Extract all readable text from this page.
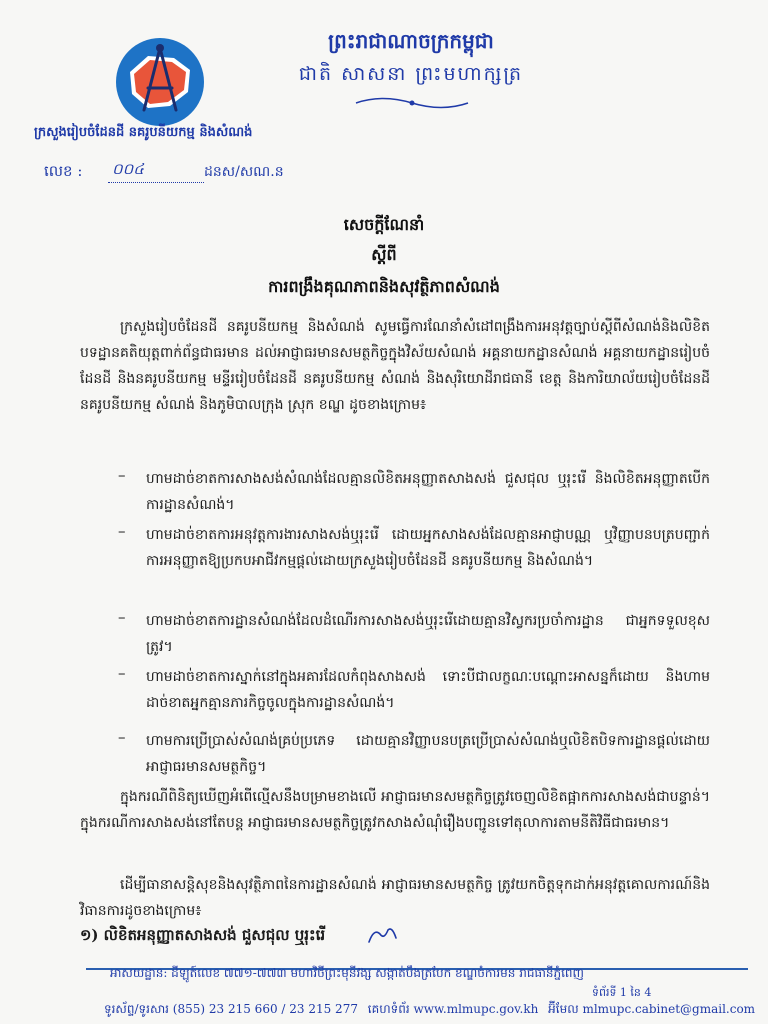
ព្រះរាជាណាចក្រកម្ពុជា
ជាតិ សាសនា ព្រះមហាក្សត្រ
ក្រសួងរៀបចំដែនដី នគរូបនីយកម្ម និងសំណង់
លេខ : ០០៤	ដនស/សណ.ន
សេចក្តីណែនាំ
ស្តីពី
ការពង្រឹងគុណភាពនិងសុវត្ថិភាពសំណង់
ក្រសួងរៀបចំដែនដី នគរូបនីយកម្ម និងសំណង់ សូមធ្វើការណែនាំសំដៅពង្រឹងការអនុវត្តច្បាប់ស្តីពីសំណង់និងលិខិតបទដ្ឋានគតិយុត្តពាក់ព័ន្ធជាធរមាន ដល់អាជ្ញាធរមានសមត្ថកិច្ចក្នុងវិស័យសំណង់ អគ្គនាយកដ្ឋានសំណង់ អគ្គនាយកដ្ឋានរៀបចំដែនដី និងនគរូបនីយកម្ម មន្ទីររៀបចំដែនដី នគរូបនីយកម្ម សំណង់ និងសុរិយោដីរាជធានី ខេត្ត និងការិយាល័យរៀបចំដែនដី នគរូបនីយកម្ម សំណង់ និងភូមិបាលក្រុង ស្រុក ខណ្ឌ ដូចខាងក្រោម៖
–	ហាមដាច់ខាតការសាងសង់សំណង់ដែលគ្មានលិខិតអនុញ្ញាតសាងសង់ ជួសជុល ឬរុះរើ និងលិខិតអនុញ្ញាតបើកការដ្ឋានសំណង់។
–	ហាមដាច់ខាតការអនុវត្តការងារសាងសង់ឬរុះរើ ដោយអ្នកសាងសង់ដែលគ្មានអាជ្ញាបណ្ណ ឬវិញ្ញាបនបត្របញ្ជាក់ការអនុញ្ញាតឱ្យប្រកបអាជីវកម្មផ្តល់ដោយក្រសួងរៀបចំដែនដី នគរូបនីយកម្ម និងសំណង់។
–	ហាមដាច់ខាតការដ្ឋានសំណង់ដែលដំណើរការសាងសង់ឬរុះរើដោយគ្មានវិស្វករប្រចាំការដ្ឋាន ជាអ្នកទទួលខុសត្រូវ។
–	ហាមដាច់ខាតការស្នាក់នៅក្នុងអគារដែលកំពុងសាងសង់ ទោះបីជាលក្ខណៈបណ្តោះអាសន្នក៏ដោយ និងហាមដាច់ខាតអ្នកគ្មានភារកិច្ចចូលក្នុងការដ្ឋានសំណង់។
–	ហាមការប្រើប្រាស់សំណង់គ្រប់ប្រភេទ ដោយគ្មានវិញ្ញាបនបត្រប្រើប្រាស់សំណង់ឬលិខិតបិទការដ្ឋានផ្តល់ដោយអាជ្ញាធរមានសមត្ថកិច្ច។
ក្នុងករណីពិនិត្យឃើញអំពើល្មើសនឹងបម្រាមខាងលើ អាជ្ញាធរមានសមត្ថកិច្ចត្រូវចេញលិខិតផ្អាកការសាងសង់ជាបន្ទាន់។ ក្នុងករណីការសាងសង់នៅតែបន្ត អាជ្ញាធរមានសមត្ថកិច្ចត្រូវកសាងសំណុំរឿងបញ្ជូនទៅតុលាការតាមនីតិវិធីជាធរមាន។
ដើម្បីធានាសន្តិសុខនិងសុវត្ថិភាពនៃការដ្ឋានសំណង់ អាជ្ញាធរមានសមត្ថកិច្ច ត្រូវយកចិត្តទុកដាក់អនុវត្តគោលការណ៍និងវិធានការដូចខាងក្រោម៖
១) លិខិតអនុញ្ញាតសាងសង់ ជួសជុល ឬរុះរើ
អាសយដ្ឋាន: ដីឡូត៍លេខ ៧៧១-៧៧៣ មហាវិថីព្រះមុនីវង្ស សង្កាត់បឹងត្របែក ខណ្ឌចំការមន រាជធានីភ្នំពេញ
ទំព័រទី 1 នៃ 4
ទូរស័ព្ទ/ទូរសារ (855) 23 215 660 / 23 215 277 គេហទំព័រ www.mlmupc.gov.kh អ៊ីមែល mlmupc.cabinet@gmail.com
